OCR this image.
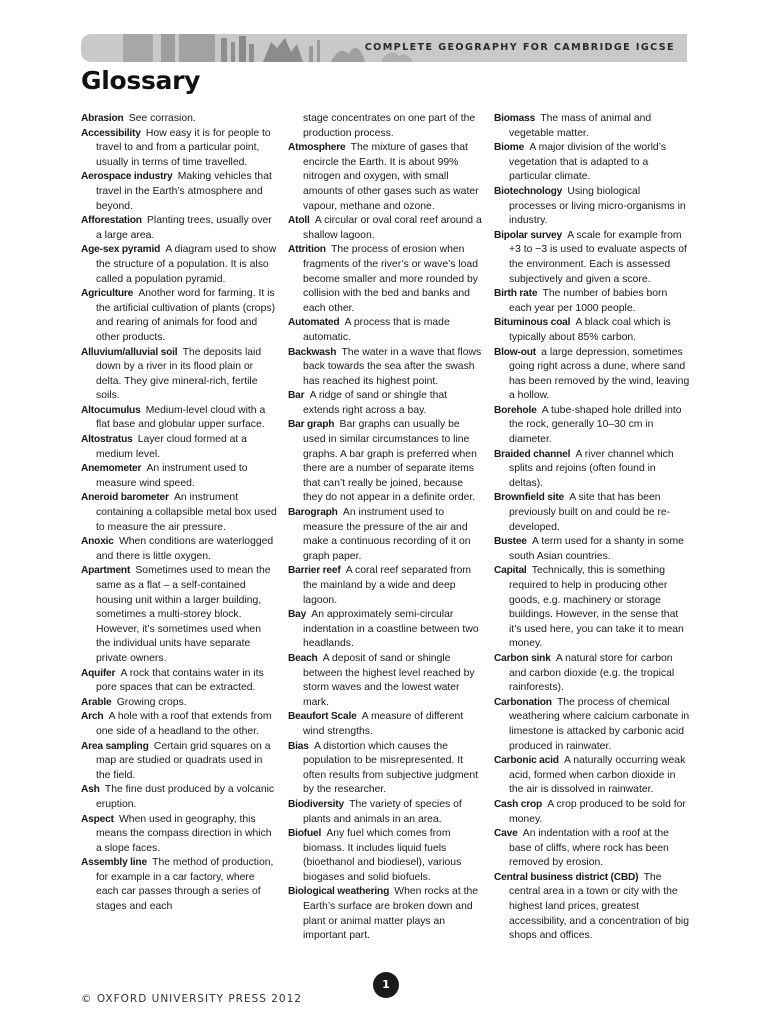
COMPLETE GEOGRAPHY FOR CAMBRIDGE IGCSE
Glossary

Abrasion  See corrasion.

Accessibility  How easy it is for people to travel to and from a particular point, usually in terms of time travelled.

Aerospace industry  Making vehicles that travel in the Earth’s atmosphere and beyond.

Afforestation  Planting trees, usually over a large area.

Age-sex pyramid  A diagram used to show the structure of a population. It is also called a population pyramid.

Agriculture  Another word for farming. It is the artificial cultivation of plants (crops) and rearing of animals for food and other products.

Alluvium/alluvial soil  The deposits laid down by a river in its flood plain or delta. They give mineral-rich, fertile soils.

Altocumulus  Medium-level cloud with a flat base and globular upper surface.

Altostratus  Layer cloud formed at a medium level.

Anemometer  An instrument used to measure wind speed.

Aneroid barometer  An instrument containing a collapsible metal box used to measure the air pressure.

Anoxic  When conditions are waterlogged and there is little oxygen.

Apartment  Sometimes used to mean the same as a flat – a self-contained housing unit within a larger building, sometimes a multi-storey block. However, it’s sometimes used when the individual units have separate private owners.

Aquifer  A rock that contains water in its pore spaces that can be extracted.

Arable  Growing crops.

Arch  A hole with a roof that extends from one side of a headland to the other.

Area sampling  Certain grid squares on a map are studied or quadrats used in the field.

Ash  The fine dust produced by a volcanic eruption.

Aspect  When used in geography, this means the compass direction in which a slope faces.

Assembly line  The method of production, for example in a car factory, where each car passes through a series of stages and each

stage concentrates on one part of the production process.

Atmosphere  The mixture of gases that encircle the Earth. It is about 99% nitrogen and oxygen, with small amounts of other gases such as water vapour, methane and ozone.

Atoll  A circular or oval coral reef around a shallow lagoon.

Attrition  The process of erosion when fragments of the river’s or wave’s load become smaller and more rounded by collision with the bed and banks and each other.

Automated  A process that is made automatic.

Backwash  The water in a wave that flows back towards the sea after the swash has reached its highest point.

Bar  A ridge of sand or shingle that extends right across a bay.

Bar graph  Bar graphs can usually be used in similar circumstances to line graphs. A bar graph is preferred when there are a number of separate items that can’t really be joined, because they do not appear in a definite order.

Barograph  An instrument used to measure the pressure of the air and make a continuous recording of it on graph paper.

Barrier reef  A coral reef separated from the mainland by a wide and deep lagoon.

Bay  An approximately semi-circular indentation in a coastline between two headlands.

Beach  A deposit of sand or shingle between the highest level reached by storm waves and the lowest water mark.

Beaufort Scale  A measure of different wind strengths.

Bias  A distortion which causes the population to be misrepresented. It often results from subjective judgment by the researcher.

Biodiversity  The variety of species of plants and animals in an area.

Biofuel  Any fuel which comes from biomass. It includes liquid fuels (bioethanol and biodiesel), various biogases and solid biofuels.

Biological weathering  When rocks at the Earth’s surface are broken down and plant or animal matter plays an important part.

Biomass  The mass of animal and vegetable matter.

Biome  A major division of the world’s vegetation that is adapted to a particular climate.

Biotechnology  Using biological processes or living micro-organisms in industry.

Bipolar survey  A scale for example from +3 to −3 is used to evaluate aspects of the environment. Each is assessed subjectively and given a score.

Birth rate  The number of babies born each year per 1000 people.

Bituminous coal  A black coal which is typically about 85% carbon.

Blow-out  a large depression, sometimes going right across a dune, where sand has been removed by the wind, leaving a hollow.

Borehole  A tube-shaped hole drilled into the rock, generally 10–30 cm in diameter.

Braided channel  A river channel which splits and rejoins (often found in deltas).

Brownfield site  A site that has been previously built on and could be re-developed.

Bustee  A term used for a shanty in some south Asian countries.

Capital  Technically, this is something required to help in producing other goods, e.g. machinery or storage buildings. However, in the sense that it’s used here, you can take it to mean money.

Carbon sink  A natural store for carbon and carbon dioxide (e.g. the tropical rainforests).

Carbonation  The process of chemical weathering where calcium carbonate in limestone is attacked by carbonic acid produced in rainwater.

Carbonic acid  A naturally occurring weak acid, formed when carbon dioxide in the air is dissolved in rainwater.

Cash crop  A crop produced to be sold for money.

Cave  An indentation with a roof at the base of cliffs, where rock has been removed by erosion.

Central business district (CBD)  The central area in a town or city with the highest land prices, greatest accessibility, and a concentration of big shops and offices.

1
© OXFORD UNIVERSITY PRESS 2012
